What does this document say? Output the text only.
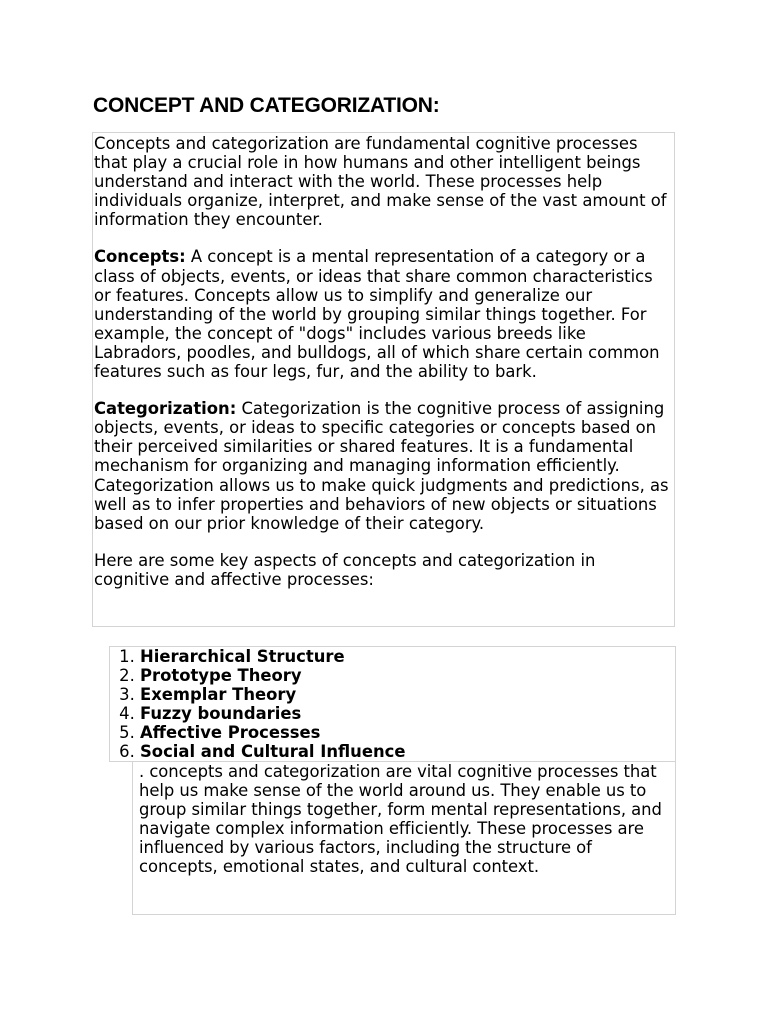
CONCEPT AND CATEGORIZATION:

Concepts and categorization are fundamental cognitive processes that play a crucial role in how humans and other intelligent beings understand and interact with the world. These processes help individuals organize, interpret, and make sense of the vast amount of information they encounter.

Concepts: A concept is a mental representation of a category or a class of objects, events, or ideas that share common characteristics or features. Concepts allow us to simplify and generalize our understanding of the world by grouping similar things together. For example, the concept of "dogs" includes various breeds like Labradors, poodles, and bulldogs, all of which share certain common features such as four legs, fur, and the ability to bark.

Categorization: Categorization is the cognitive process of assigning objects, events, or ideas to specific categories or concepts based on their perceived similarities or shared features. It is a fundamental mechanism for organizing and managing information efficiently. Categorization allows us to make quick judgments and predictions, as well as to infer properties and behaviors of new objects or situations based on our prior knowledge of their category.

Here are some key aspects of concepts and categorization in cognitive and affective processes:

1. Hierarchical Structure
2. Prototype Theory
3. Exemplar Theory
4. Fuzzy boundaries
5. Affective Processes
6. Social and Cultural Influence

. concepts and categorization are vital cognitive processes that help us make sense of the world around us. They enable us to group similar things together, form mental representations, and navigate complex information efficiently. These processes are influenced by various factors, including the structure of concepts, emotional states, and cultural context.
